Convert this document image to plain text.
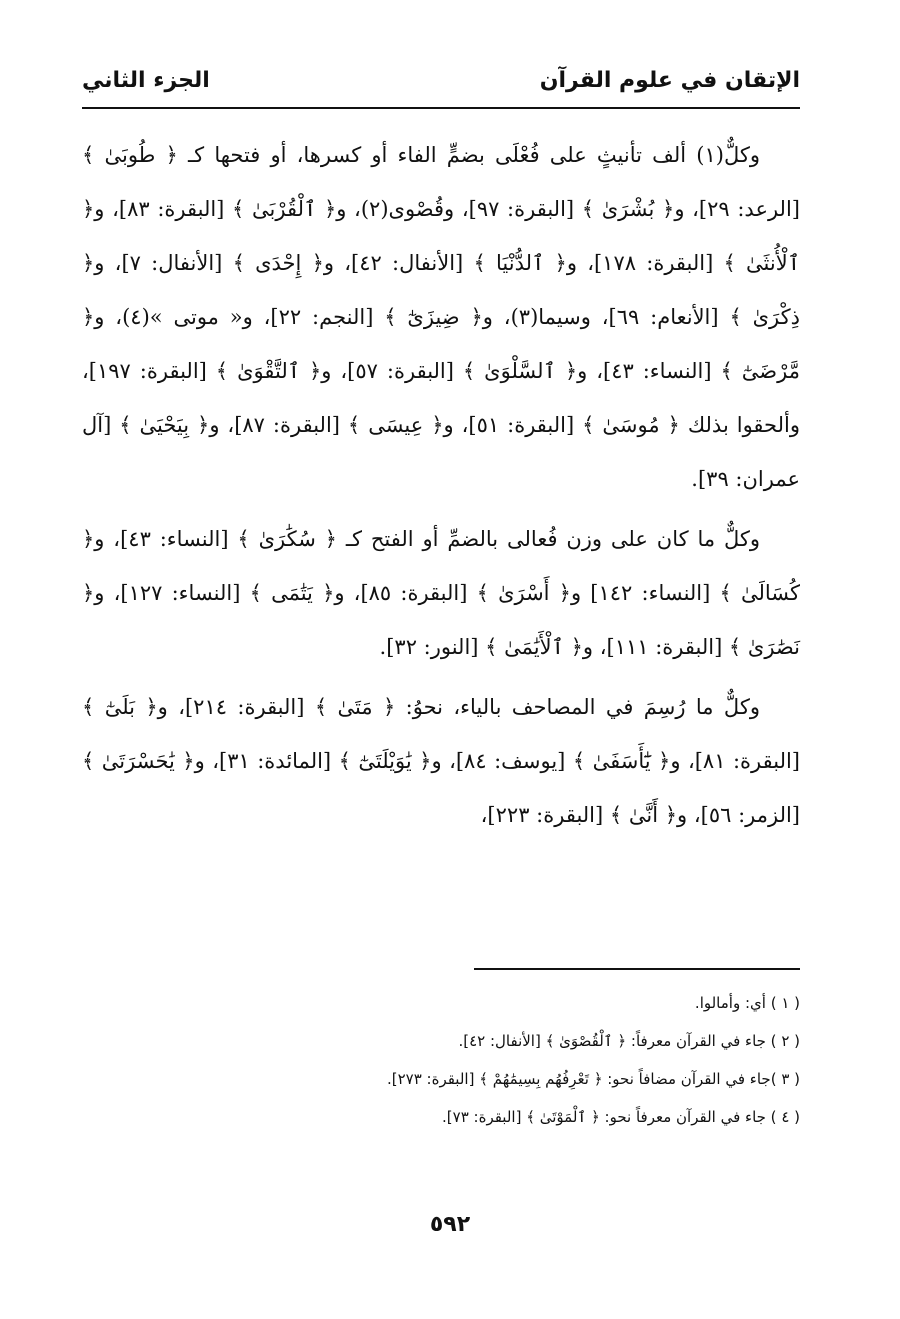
الجزء الثاني	الإتقان في علوم القرآن

وكلٌّ(١) ألف تأنيثٍ على فُعْلَى بضمٍّ الفاء أو كسرها، أو فتحها كـ ﴿ طُوبَىٰ ﴾ [الرعد: ٢٩]، و﴿ بُشْرَىٰ ﴾ [البقرة: ٩٧]، وقُصْوى(٢)، و﴿ ٱلْقُرْبَىٰ ﴾ [البقرة: ٨٣]، و﴿ ٱلْأُنثَىٰ ﴾ [البقرة: ١٧٨]، و﴿ ٱلدُّنْيَا ﴾ [الأنفال: ٤٢]، و﴿ إِحْدَى ﴾ [الأنفال: ٧]، و﴿ ذِكْرَىٰ ﴾ [الأنعام: ٦٩]، وسيما(٣)، و﴿ ضِيزَىٰٓ ﴾ [النجم: ٢٢]، و« موتى »(٤)، و﴿ مَّرْضَىٰٓ ﴾ [النساء: ٤٣]، و﴿ ٱلسَّلْوَىٰ ﴾ [البقرة: ٥٧]، و﴿ ٱلتَّقْوَىٰ ﴾ [البقرة: ١٩٧]، وألحقوا بذلك ﴿ مُوسَىٰ ﴾ [البقرة: ٥١]، و﴿ عِيسَى ﴾ [البقرة: ٨٧]، و﴿ بِيَحْيَىٰ ﴾ [آل عمران: ٣٩].

وكلٌّ ما كان على وزن فُعالى بالضمِّ أو الفتح كـ ﴿ سُكَٰرَىٰ ﴾ [النساء: ٤٣]، و﴿ كُسَالَىٰ ﴾ [النساء: ١٤٢] و﴿ أَسْرَىٰ ﴾ [البقرة: ٨٥]، و﴿ يَتَٰمَى ﴾ [النساء: ١٢٧]، و﴿ نَصَٰرَىٰ ﴾ [البقرة: ١١١]، و﴿ ٱلْأَيَٰمَىٰ ﴾ [النور: ٣٢].

وكلٌّ ما رُسِمَ في المصاحف بالياء، نحوُ: ﴿ مَتَىٰ ﴾ [البقرة: ٢١٤]، و﴿ بَلَىٰٓ ﴾ [البقرة: ٨١]، و﴿ يَٰٓأَسَفَىٰ ﴾ [يوسف: ٨٤]، و﴿ يَٰوَيْلَتَىٰٓ ﴾ [المائدة: ٣١]، و﴿ يَٰحَسْرَتَىٰ ﴾ [الزمر: ٥٦]، و﴿ أَنَّىٰ ﴾ [البقرة: ٢٢٣]،

( ١ ) أي: وأمالوا.

( ٢ ) جاء في القرآن معرفاً: ﴿ ٱلْقُصْوَىٰ ﴾ [الأنفال: ٤٢].

( ٣ )جاء في القرآن مضافاً نحو: ﴿ تَعْرِفُهُم بِسِيمَٰهُمْ ﴾ [البقرة: ٢٧٣].

( ٤ ) جاء في القرآن معرفاً نحو: ﴿ ٱلْمَوْتَىٰ ﴾ [البقرة: ٧٣].

٥٩٢
